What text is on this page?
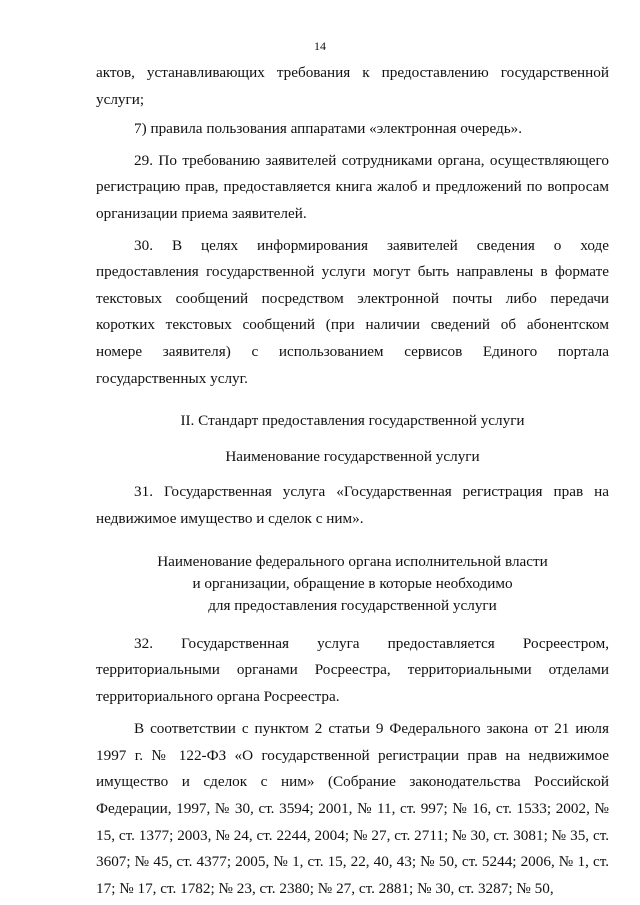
14

актов, устанавливающих требования к предоставлению государственной услуги;

7) правила пользования аппаратами «электронная очередь».

29. По требованию заявителей сотрудниками органа, осуществляющего регистрацию прав, предоставляется книга жалоб и предложений по вопросам организации приема заявителей.

30. В целях информирования заявителей сведения о ходе предоставления государственной услуги могут быть направлены в формате текстовых сообщений посредством электронной почты либо передачи коротких текстовых сообщений (при наличии сведений об абонентском номере заявителя) с использованием сервисов Единого портала государственных услуг.

II. Стандарт предоставления государственной услуги

Наименование государственной услуги

31. Государственная услуга «Государственная регистрация прав на недвижимое имущество и сделок с ним».

Наименование федерального органа исполнительной власти

и организации, обращение в которые необходимо

для предоставления государственной услуги

32. Государственная услуга предоставляется Росреестром, территориальными органами Росреестра, территориальными отделами территориального органа Росреестра.

В соответствии с пунктом 2 статьи 9 Федерального закона от 21 июля 1997 г. № 122-ФЗ «О государственной регистрации прав на недвижимое имущество и сделок с ним» (Собрание законодательства Российской Федерации, 1997, № 30, ст. 3594; 2001, № 11, ст. 997; № 16, ст. 1533; 2002, № 15, ст. 1377; 2003, № 24, ст. 2244, 2004; № 27, ст. 2711; № 30, ст. 3081; № 35, ст. 3607; № 45, ст. 4377; 2005, № 1, ст. 15, 22, 40, 43; № 50, ст. 5244; 2006, № 1, ст. 17; № 17, ст. 1782; № 23, ст. 2380; № 27, ст. 2881; № 30, ст. 3287; № 50,
